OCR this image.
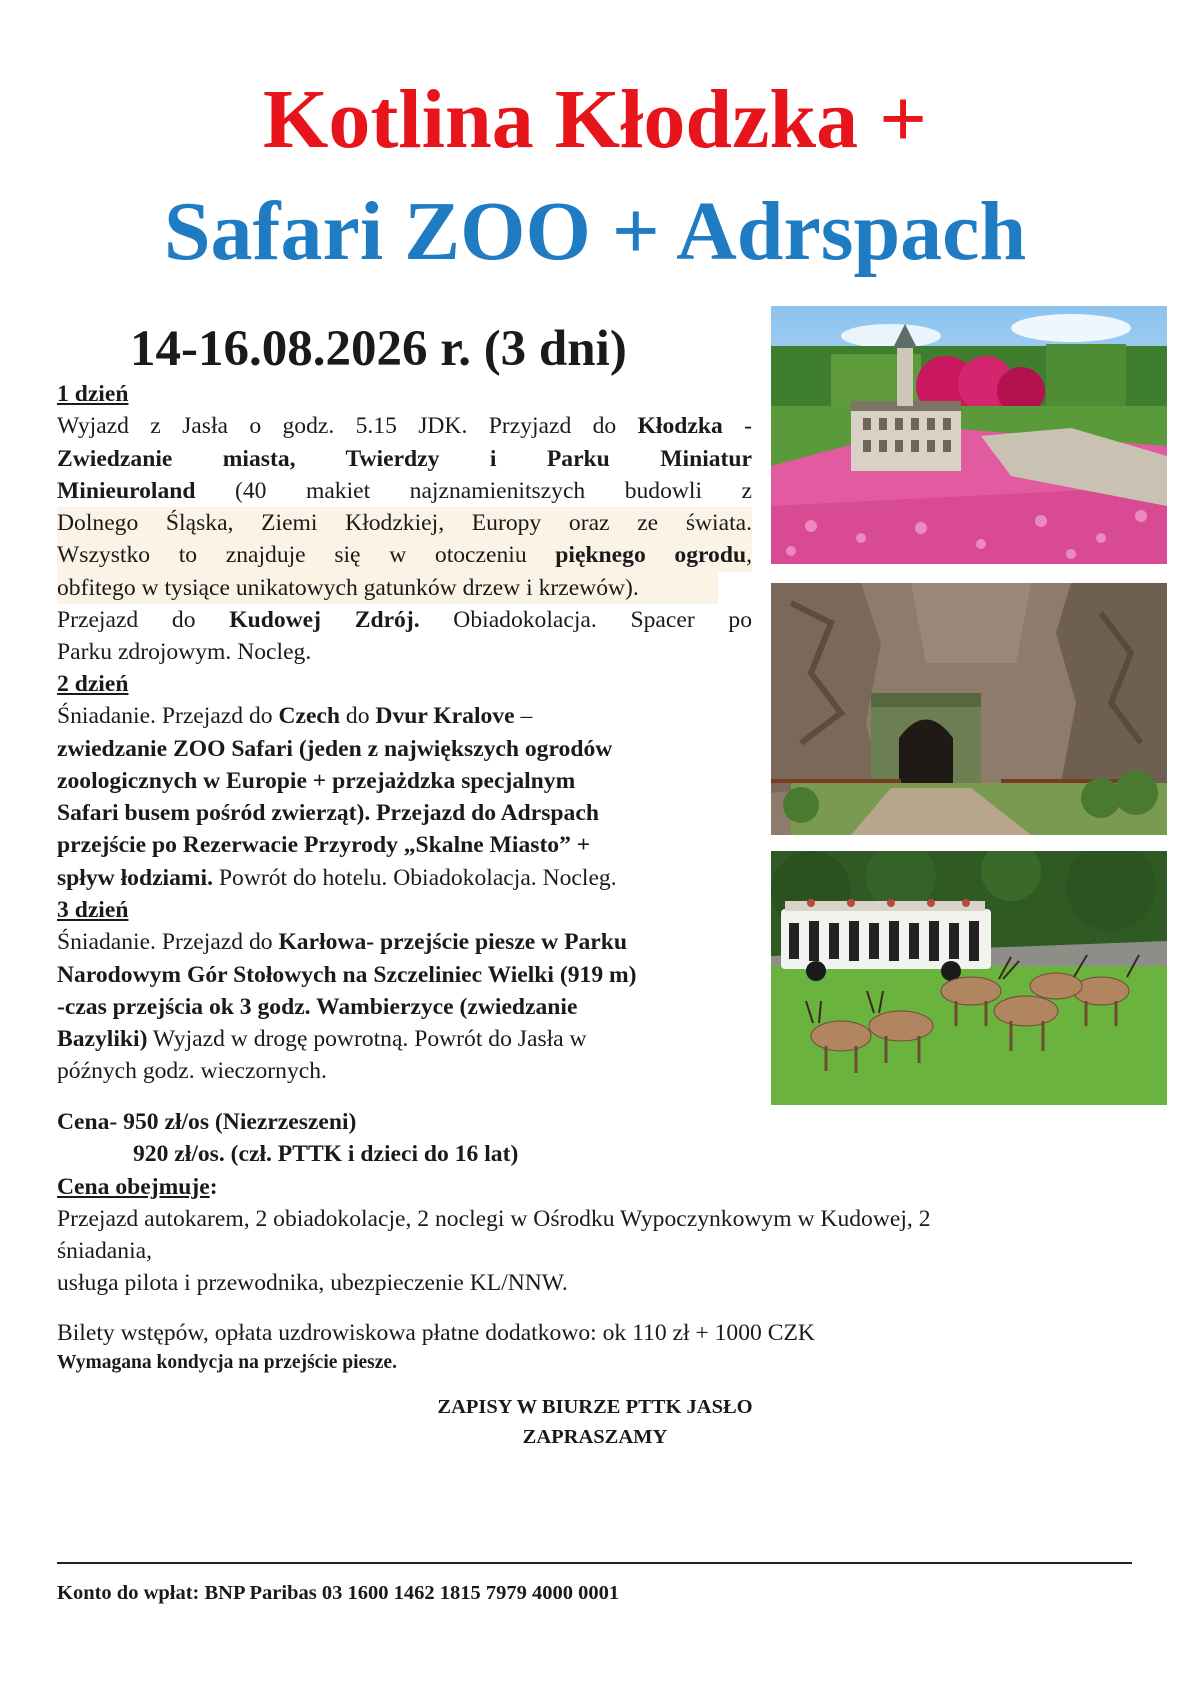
Kotlina Kłodzka +
Safari ZOO + Adrspach
14-16.08.2026 r. (3 dni)
1 dzień
Wyjazd z Jasła o godz. 5.15 JDK. Przyjazd do Kłodzka -
Zwiedzanie miasta, Twierdzy i Parku Miniatur
Minieuroland (40 makiet najznamienitszych budowli z
Dolnego Śląska, Ziemi Kłodzkiej, Europy oraz ze świata.
Wszystko to znajduje się w otoczeniu pięknego ogrodu,
obfitego w tysiące unikatowych gatunków drzew i krzewów).
Przejazd do Kudowej Zdrój. Obiadokolacja. Spacer po
Parku zdrojowym. Nocleg.
2 dzień
Śniadanie. Przejazd do Czech do Dvur Kralove –
zwiedzanie ZOO Safari (jeden z największych ogrodów
zoologicznych w Europie + przejażdzka specjalnym
Safari busem pośród zwierząt). Przejazd do Adrspach
przejście po Rezerwacie Przyrody „Skalne Miasto” +
spływ łodziami. Powrót do hotelu. Obiadokolacja. Nocleg.
3 dzień
Śniadanie. Przejazd do Karłowa- przejście piesze w Parku
Narodowym Gór Stołowych na Szczeliniec Wielki (919 m)
-czas przejścia ok 3 godz. Wambierzyce (zwiedzanie
Bazyliki) Wyjazd w drogę powrotną. Powrót do Jasła w
późnych godz. wieczornych.
Cena- 950 zł/os (Niezrzeszeni)
920 zł/os. (czł. PTTK i dzieci do 16 lat)
Cena obejmuje:
Przejazd autokarem, 2 obiadokolacje, 2 noclegi w Ośrodku Wypoczynkowym w Kudowej, 2
śniadania,
usługa pilota i przewodnika, ubezpieczenie KL/NNW.
Bilety wstępów, opłata uzdrowiskowa płatne dodatkowo: ok 110 zł + 1000 CZK
Wymagana kondycja na przejście piesze.
ZAPISY W BIURZE PTTK JASŁO
ZAPRASZAMY
Konto do wpłat: BNP Paribas 03 1600 1462 1815 7979 4000 0001
